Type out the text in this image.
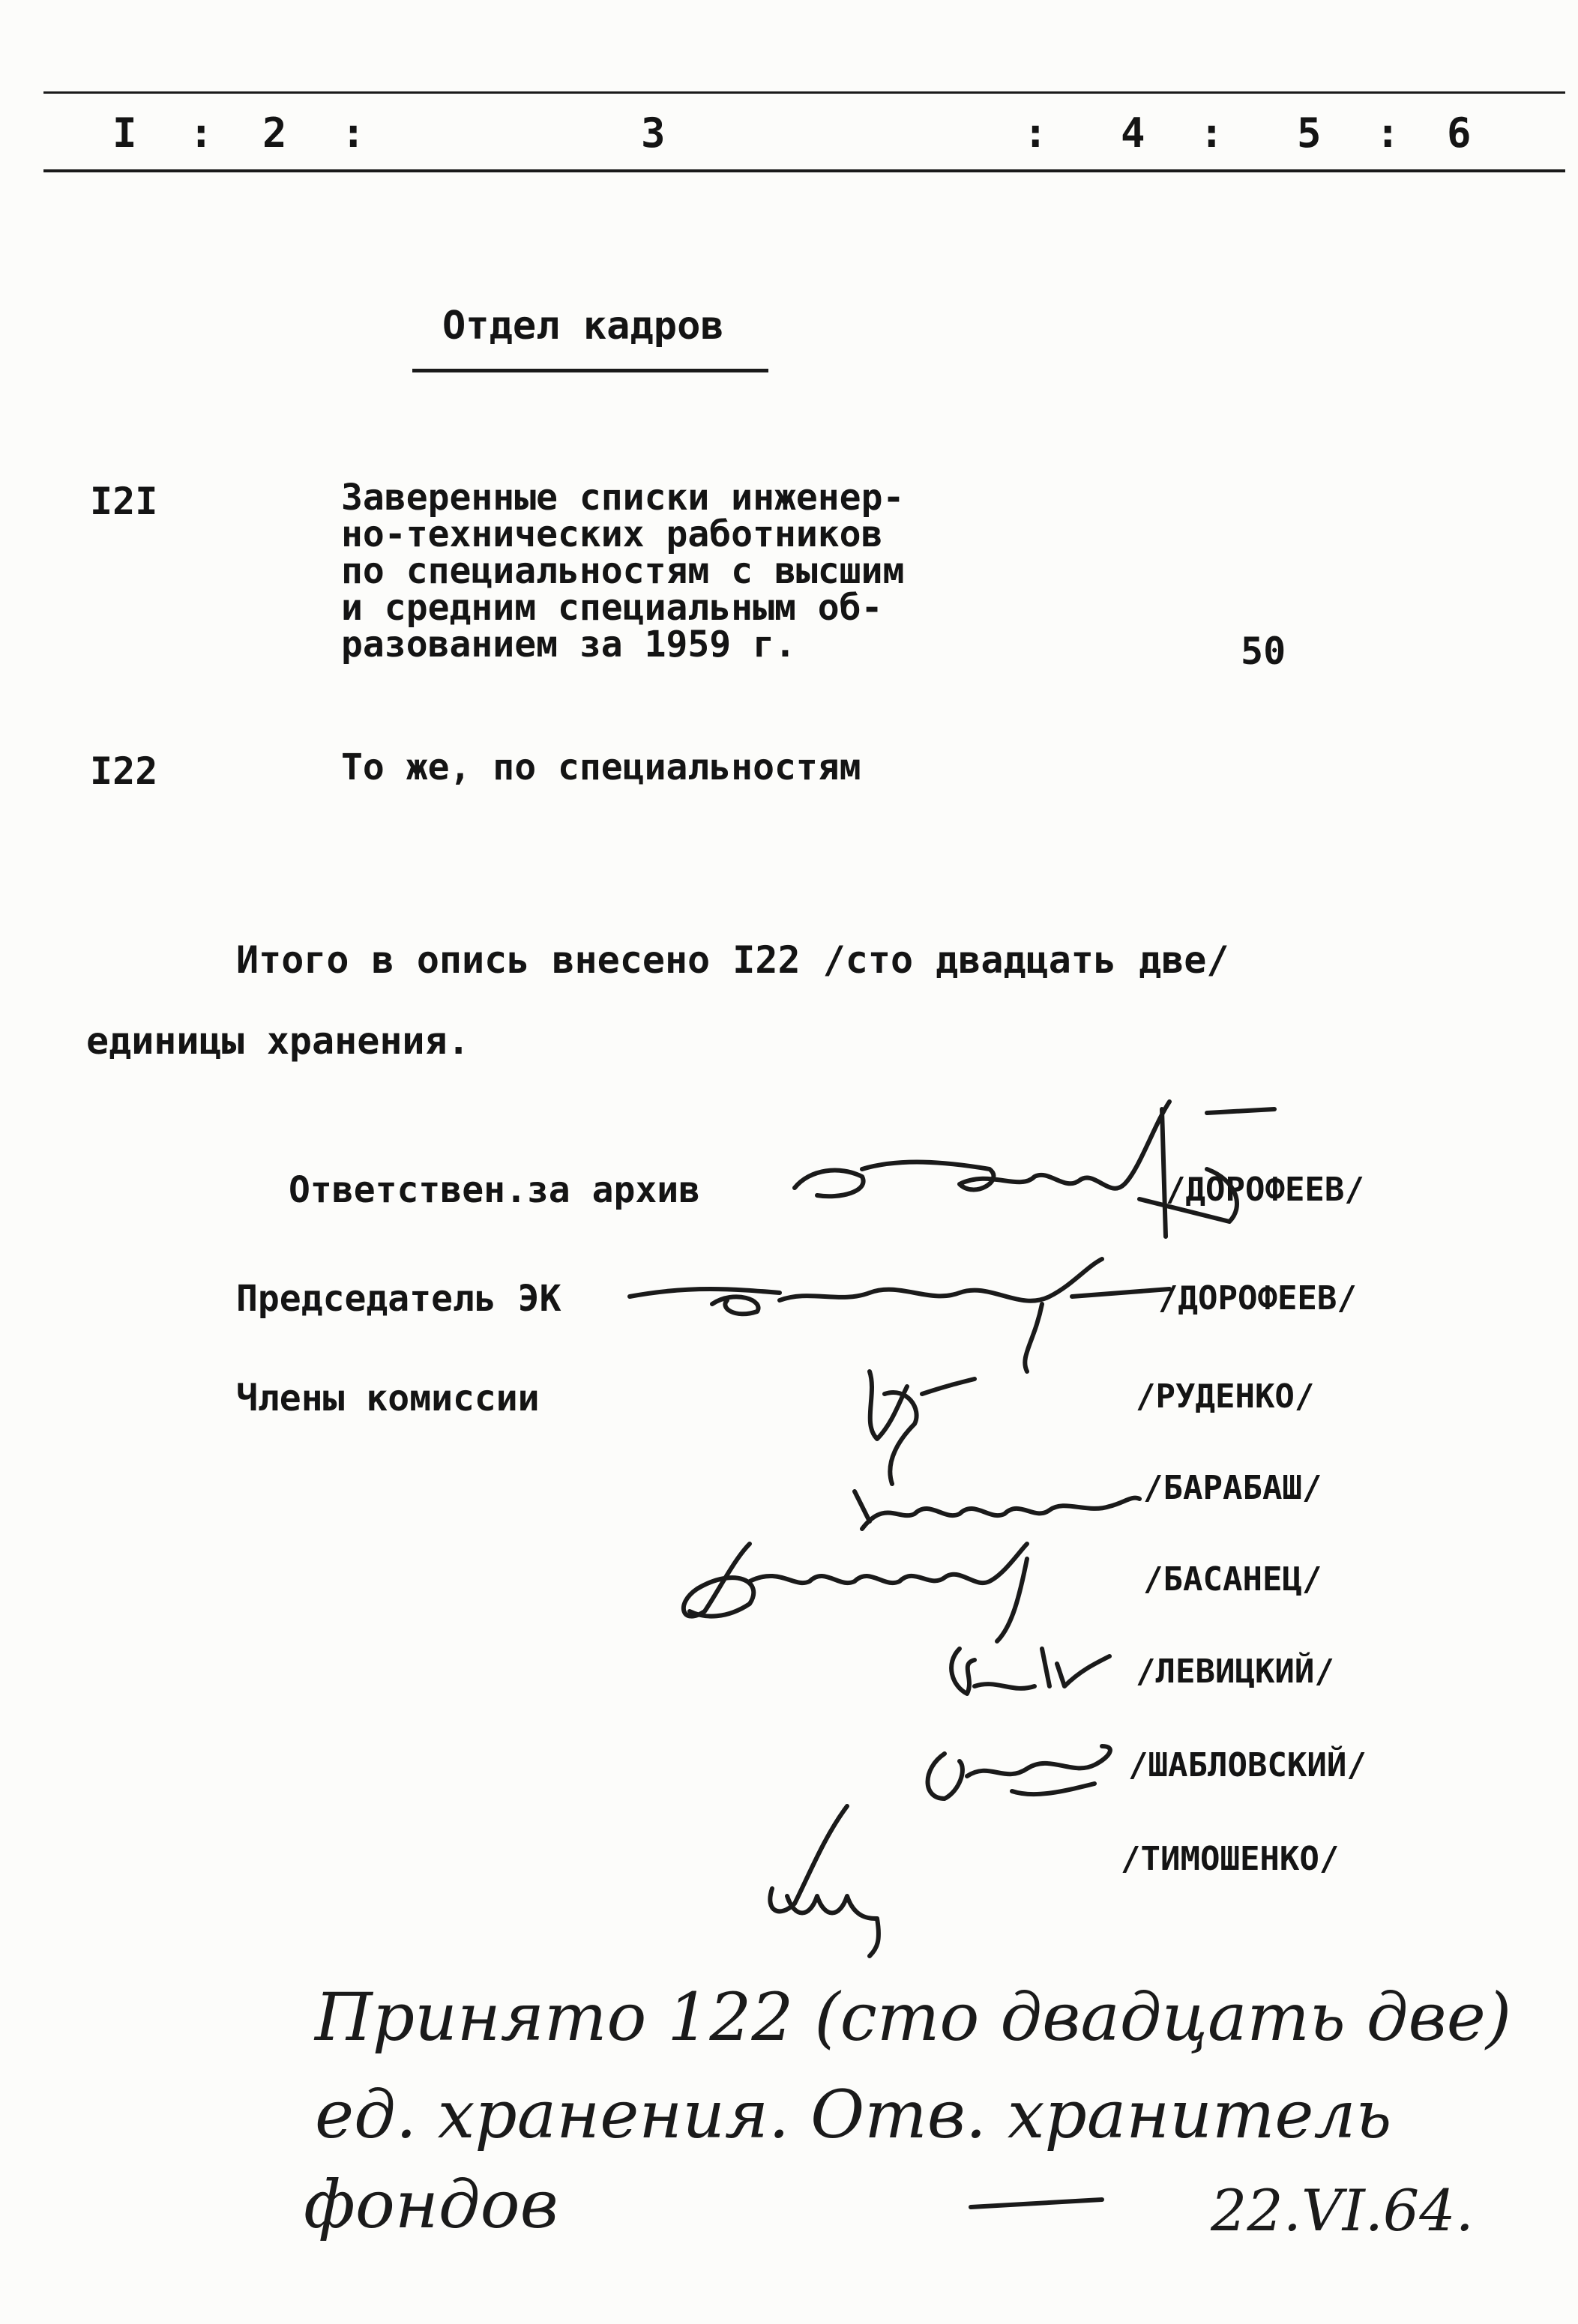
I : 2 :	3	: 4 : 5 : 6
Отдел кадров
I2I	Заверенные списки инженер-
но-технических работников
по специальностям с высшим
и средним специальным об-
разованием за 1959 г.	50
I22	То же, по специальностям
Итого в опись внесено I22 /сто двадцать две/
единицы хранения.
Ответствен.за архив	/ДОРОФЕЕВ/
Председатель ЭК	/ДОРОФЕЕВ/
Члены комиссии	/РУДЕНКО/
/БАРАБАШ/
/БАСАНЕЦ/
/ЛЕВИЦКИЙ/
/ШАБЛОВСКИЙ/
/ТИМОШЕНКО/
Принято 122 (сто двадцать две)
ед. хранения. Отв. хранитель
фондов	22.VI.64.
